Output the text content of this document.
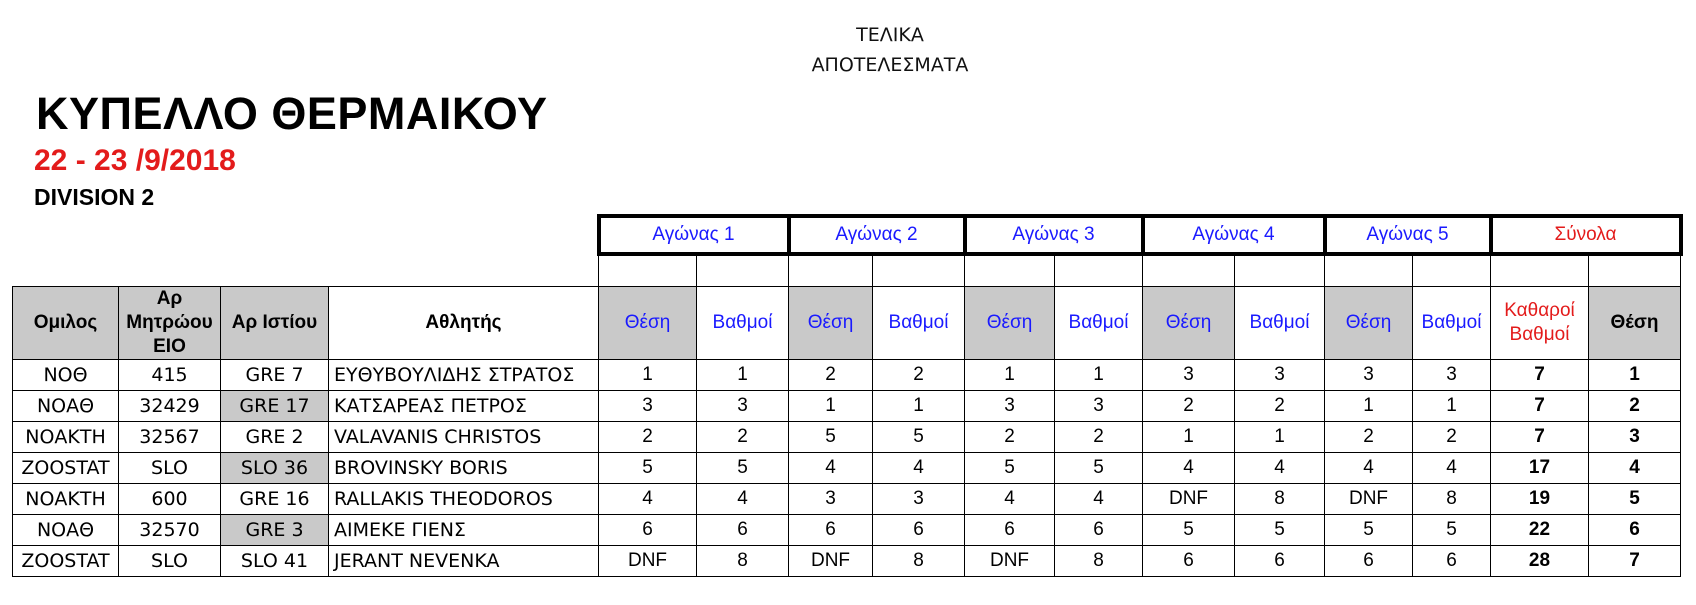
ΤΕΛΙΚΑ
ΑΠΟΤΕΛΕΣΜΑΤΑ
ΚΥΠΕΛΛΟ ΘΕΡΜΑΙΚΟΥ
22 - 23 /9/2018
DIVISION 2
				Αγώνας 1		Αγώνας 2		Αγώνας 3		Αγώνας 4		Αγώνας 5		Σύνολα	

Ομιλος	Αρ Μητρώου ΕΙΟ	Αρ Ιστίου	Αθλητής	Θέση	Βαθμοί	Θέση	Βαθμοί	Θέση	Βαθμοί	Θέση	Βαθμοί	Θέση	Βαθμοί	Καθαροί Βαθμοί	Θέση
ΝΟΘ	415	GRE 7	ΕΥΘΥΒΟΥΛΙΔΗΣ ΣΤΡΑΤΟΣ	1	1	2	2	1	1	3	3	3	3	7	1
ΝΟΑΘ	32429	GRE 17	ΚΑΤΣΑΡΕΑΣ ΠΕΤΡΟΣ	3	3	1	1	3	3	2	2	1	1	7	2
ΝΟΑΚΤΗ	32567	GRE 2	VALAVANIS CHRISTOS	2	2	5	5	2	2	1	1	2	2	7	3
ZOOSTAT	SLO	SLO 36	BROVINSKY BORIS	5	5	4	4	5	5	4	4	4	4	17	4
ΝΟΑΚΤΗ	600	GRE 16	RALLAKIS THEODOROS	4	4	3	3	4	4	DNF	8	DNF	8	19	5
ΝΟΑΘ	32570	GRE 3	ΑΙΜΕΚΕ ΓΙΕΝΣ	6	6	6	6	6	6	5	5	5	5	22	6
ZOOSTAT	SLO	SLO 41	JERANT NEVENKA	DNF	8	DNF	8	DNF	8	6	6	6	6	28	7
